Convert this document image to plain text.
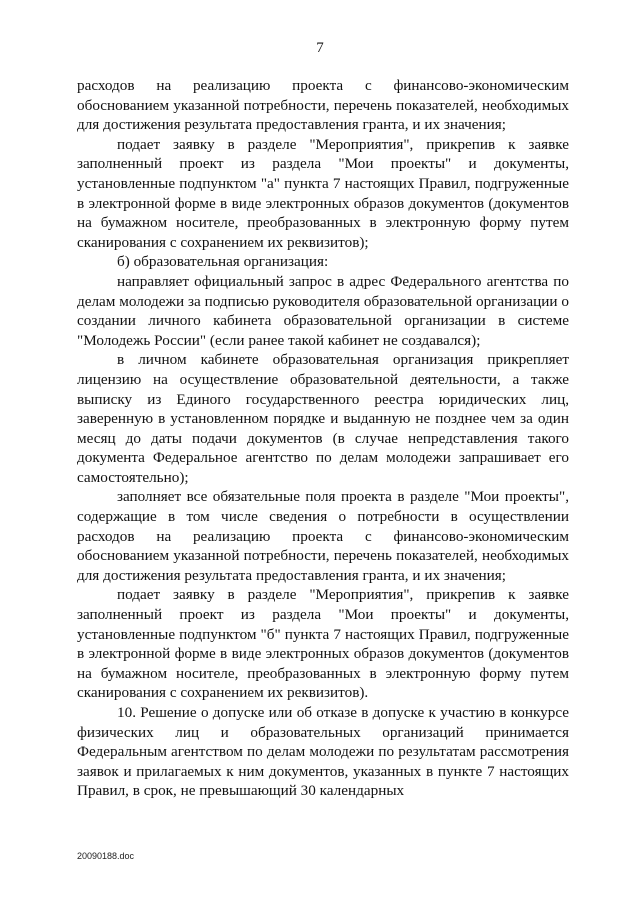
7

расходов на реализацию проекта с финансово-экономическим обоснованием указанной потребности, перечень показателей, необходимых для достижения результата предоставления гранта, и их значения;

подает заявку в разделе "Мероприятия", прикрепив к заявке заполненный проект из раздела "Мои проекты" и документы, установленные подпунктом "а" пункта 7 настоящих Правил, подгруженные в электронной форме в виде электронных образов документов (документов на бумажном носителе, преобразованных в электронную форму путем сканирования с сохранением их реквизитов);

б) образовательная организация:

направляет официальный запрос в адрес Федерального агентства по делам молодежи за подписью руководителя образовательной организации о создании личного кабинета образовательной организации в системе "Молодежь России" (если ранее такой кабинет не создавался);

в личном кабинете образовательная организация прикрепляет лицензию на осуществление образовательной деятельности, а также выписку из Единого государственного реестра юридических лиц, заверенную в установленном порядке и выданную не позднее чем за один месяц до даты подачи документов (в случае непредставления такого документа Федеральное агентство по делам молодежи запрашивает его самостоятельно);

заполняет все обязательные поля проекта в разделе "Мои проекты", содержащие в том числе сведения о потребности в осуществлении расходов на реализацию проекта с финансово-экономическим обоснованием указанной потребности, перечень показателей, необходимых для достижения результата предоставления гранта, и их значения;

подает заявку в разделе "Мероприятия", прикрепив к заявке заполненный проект из раздела "Мои проекты" и документы, установленные подпунктом "б" пункта 7 настоящих Правил, подгруженные в электронной форме в виде электронных образов документов (документов на бумажном носителе, преобразованных в электронную форму путем сканирования с сохранением их реквизитов).

10. Решение о допуске или об отказе в допуске к участию в конкурсе физических лиц и образовательных организаций принимается Федеральным агентством по делам молодежи по результатам рассмотрения заявок и прилагаемых к ним документов, указанных в пункте 7 настоящих Правил, в срок, не превышающий 30 календарных

20090188.doc
